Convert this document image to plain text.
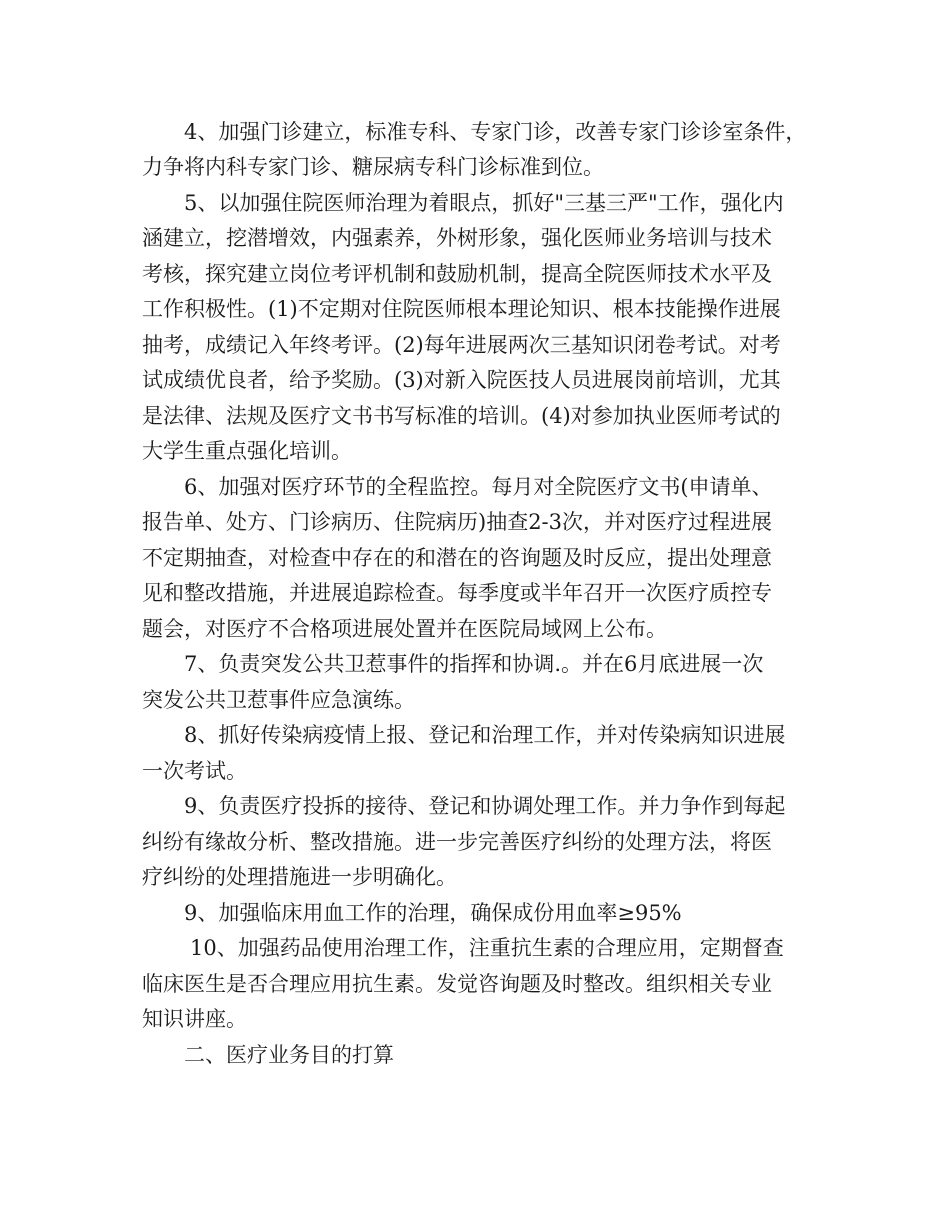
4、加强门诊建立，标准专科、专家门诊，改善专家门诊诊室条件，
力争将内科专家门诊、糖尿病专科门诊标准到位。
5、以加强住院医师治理为着眼点，抓好"三基三严"工作，强化内
涵建立，挖潜增效，内强素养，外树形象，强化医师业务培训与技术
考核，探究建立岗位考评机制和鼓励机制，提高全院医师技术水平及
工作积极性。(1)不定期对住院医师根本理论知识、根本技能操作进展
抽考，成绩记入年终考评。(2)每年进展两次三基知识闭卷考试。对考
试成绩优良者，给予奖励。(3)对新入院医技人员进展岗前培训，尤其
是法律、法规及医疗文书书写标准的培训。(4)对参加执业医师考试的
大学生重点强化培训。
6、加强对医疗环节的全程监控。每月对全院医疗文书(申请单、
报告单、处方、门诊病历、住院病历)抽查2-3次，并对医疗过程进展
不定期抽查，对检查中存在的和潜在的咨询题及时反应，提出处理意
见和整改措施，并进展追踪检查。每季度或半年召开一次医疗质控专
题会，对医疗不合格项进展处置并在医院局域网上公布。
7、负责突发公共卫惹事件的指挥和协调.。并在6月底进展一次
突发公共卫惹事件应急演练。
8、抓好传染病疫情上报、登记和治理工作，并对传染病知识进展
一次考试。
9、负责医疗投拆的接待、登记和协调处理工作。并力争作到每起
纠纷有缘故分析、整改措施。进一步完善医疗纠纷的处理方法，将医
疗纠纷的处理措施进一步明确化。
9、加强临床用血工作的治理，确保成份用血率≥95%
10、加强药品使用治理工作，注重抗生素的合理应用，定期督查
临床医生是否合理应用抗生素。发觉咨询题及时整改。组织相关专业
知识讲座。
二、医疗业务目的打算
